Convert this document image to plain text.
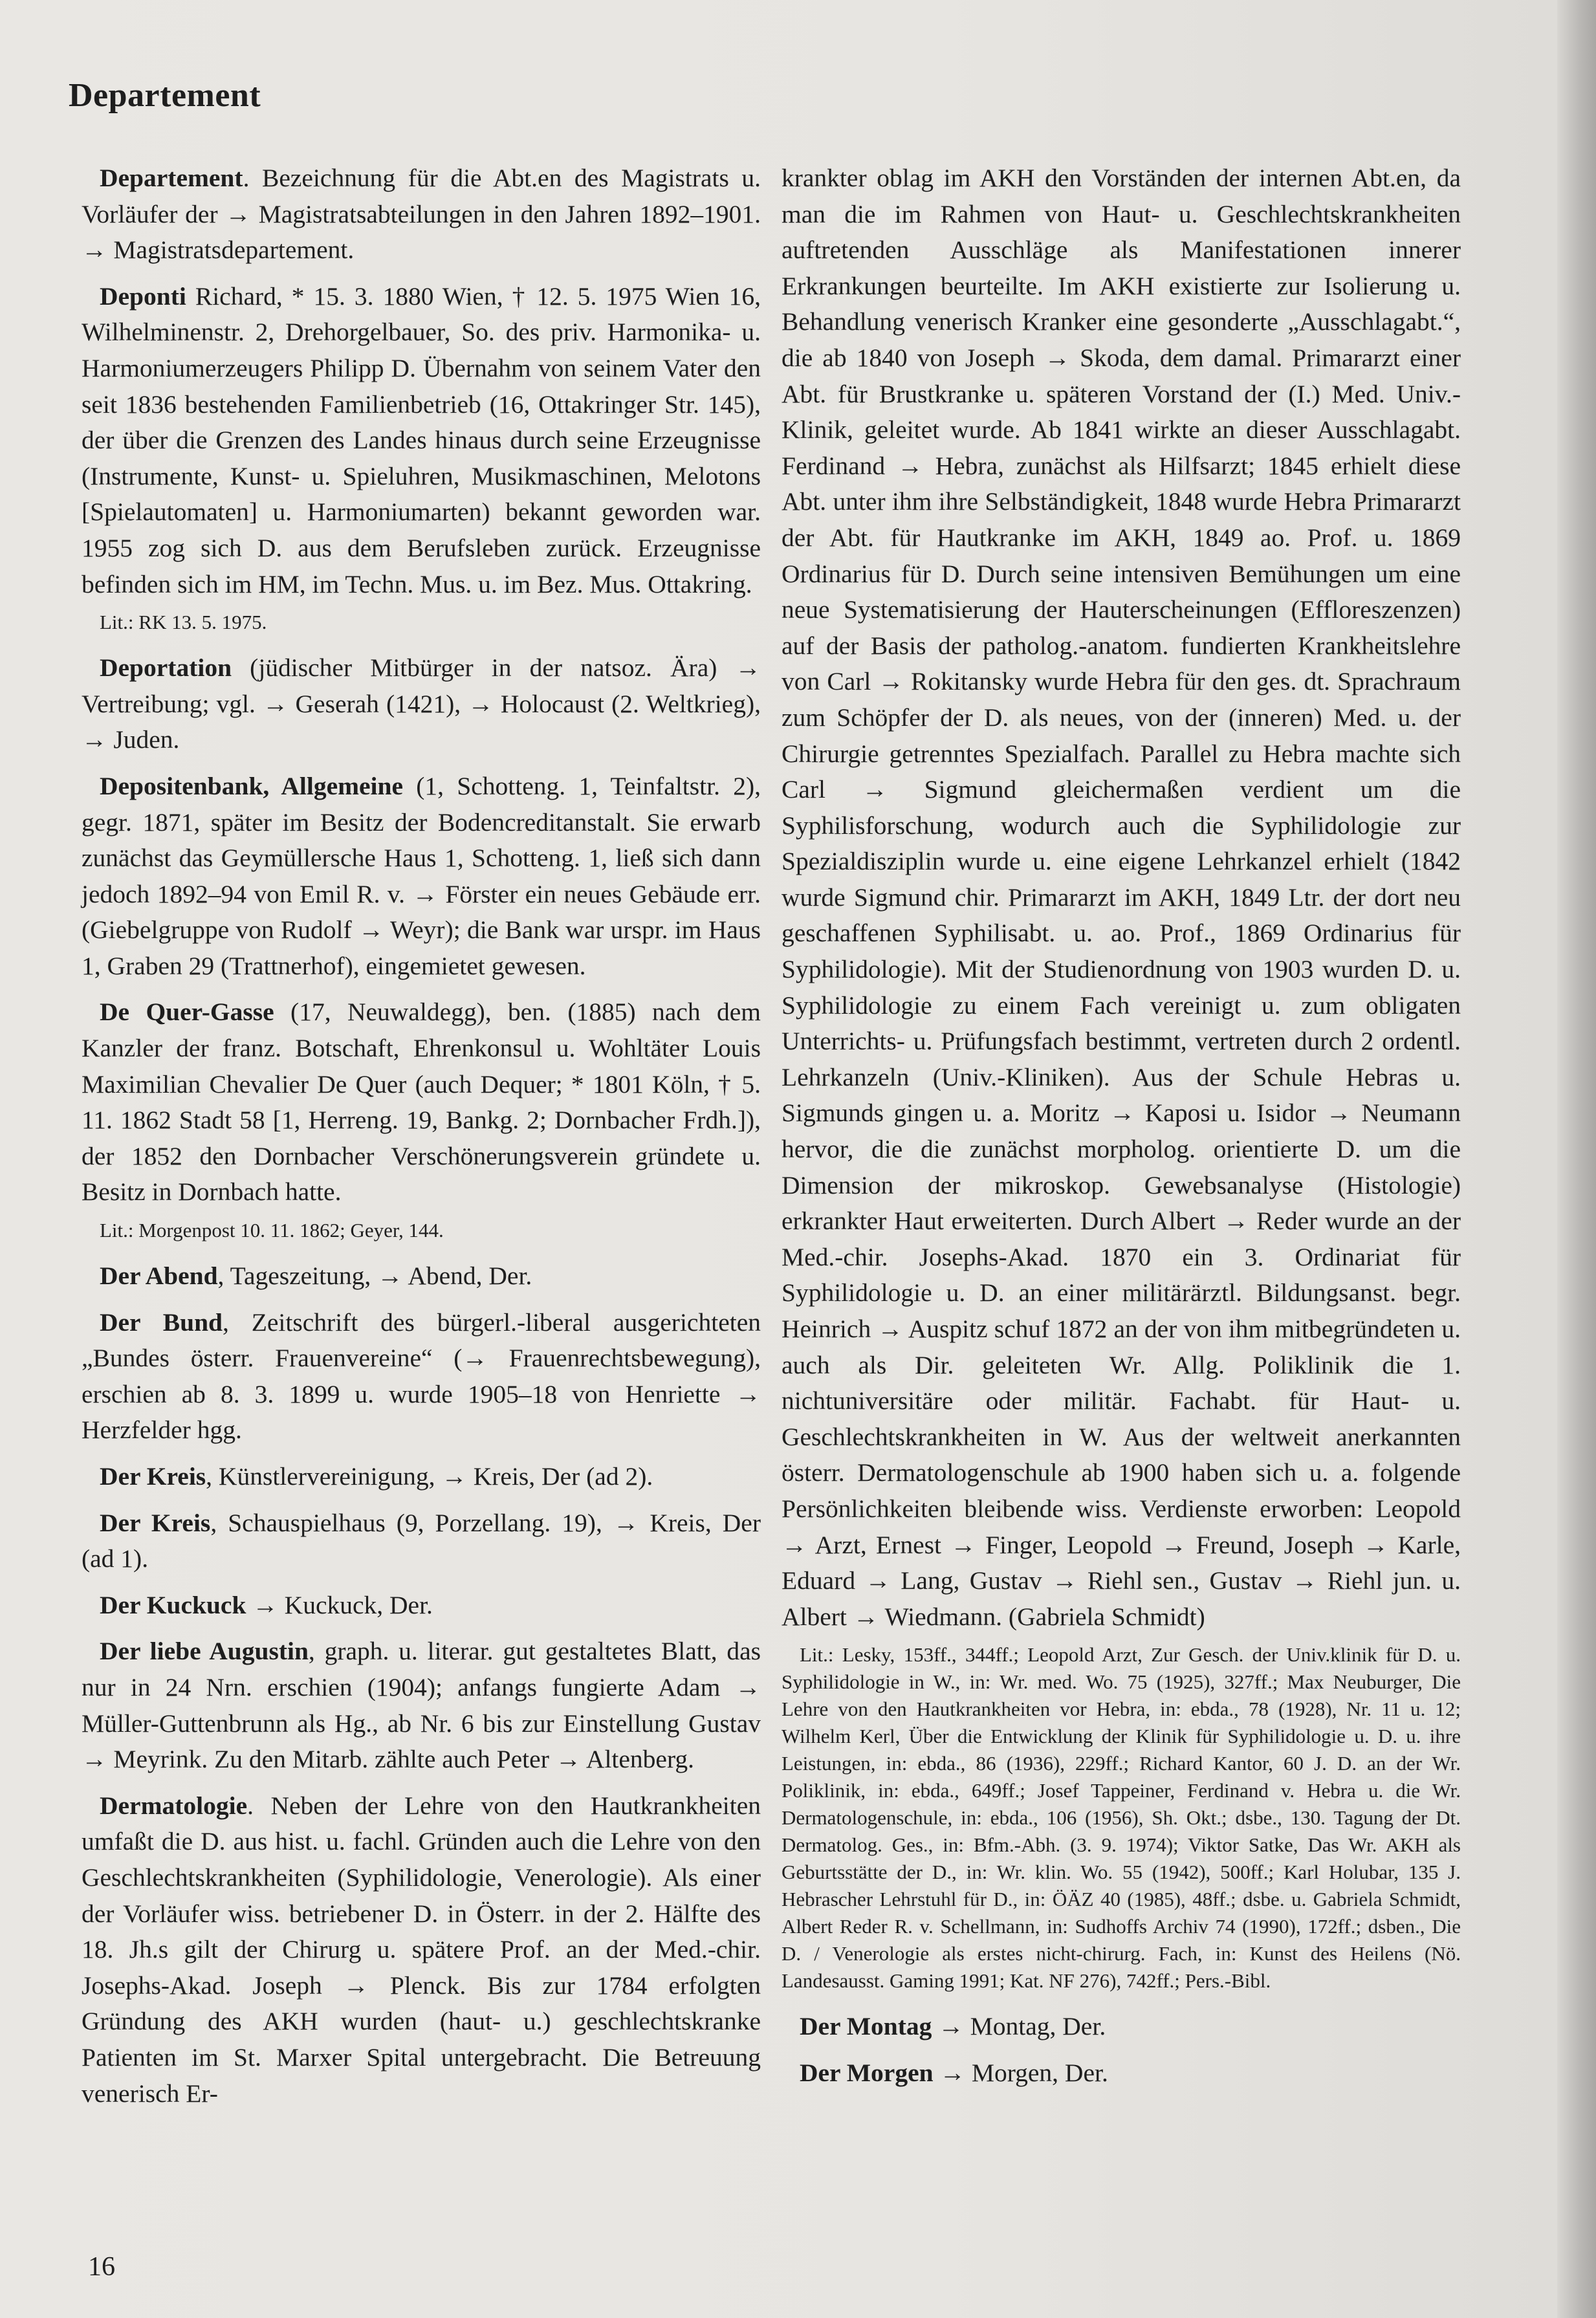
Departement

Departement. Bezeichnung für die Abt.en des Magistrats u. Vorläufer der → Magistratsabteilungen in den Jahren 1892–1901. → Magistratsdepartement.

Deponti Richard, * 15. 3. 1880 Wien, † 12. 5. 1975 Wien 16, Wilhelminenstr. 2, Drehorgelbauer, So. des priv. Harmonika- u. Harmoniumerzeugers Philipp D. Übernahm von seinem Vater den seit 1836 bestehenden Familienbetrieb (16, Ottakringer Str. 145), der über die Grenzen des Landes hinaus durch seine Erzeugnisse (Instrumente, Kunst- u. Spieluhren, Musikmaschinen, Melotons [Spielautomaten] u. Harmoniumarten) bekannt geworden war. 1955 zog sich D. aus dem Berufsleben zurück. Erzeugnisse befinden sich im HM, im Techn. Mus. u. im Bez. Mus. Ottakring.

Lit.: RK 13. 5. 1975.

Deportation (jüdischer Mitbürger in der natsoz. Ära) → Vertreibung; vgl. → Geserah (1421), → Holocaust (2. Weltkrieg), → Juden.

Depositenbank, Allgemeine (1, Schotteng. 1, Teinfaltstr. 2), gegr. 1871, später im Besitz der Bodencreditanstalt. Sie erwarb zunächst das Geymüllersche Haus 1, Schotteng. 1, ließ sich dann jedoch 1892–94 von Emil R. v. → Förster ein neues Gebäude err. (Giebelgruppe von Rudolf → Weyr); die Bank war urspr. im Haus 1, Graben 29 (Trattnerhof), eingemietet gewesen.

De Quer-Gasse (17, Neuwaldegg), ben. (1885) nach dem Kanzler der franz. Botschaft, Ehrenkonsul u. Wohltäter Louis Maximilian Chevalier De Quer (auch Dequer; * 1801 Köln, † 5. 11. 1862 Stadt 58 [1, Herreng. 19, Bankg. 2; Dornbacher Frdh.]), der 1852 den Dornbacher Verschönerungsverein gründete u. Besitz in Dornbach hatte.

Lit.: Morgenpost 10. 11. 1862; Geyer, 144.

Der Abend, Tageszeitung, → Abend, Der.

Der Bund, Zeitschrift des bürgerl.-liberal ausgerichteten „Bundes österr. Frauenvereine“ (→ Frauenrechtsbewegung), erschien ab 8. 3. 1899 u. wurde 1905–18 von Henriette → Herzfelder hgg.

Der Kreis, Künstlervereinigung, → Kreis, Der (ad 2).

Der Kreis, Schauspielhaus (9, Porzellang. 19), → Kreis, Der (ad 1).

Der Kuckuck → Kuckuck, Der.

Der liebe Augustin, graph. u. literar. gut gestaltetes Blatt, das nur in 24 Nrn. erschien (1904); anfangs fungierte Adam → Müller-Guttenbrunn als Hg., ab Nr. 6 bis zur Einstellung Gustav → Meyrink. Zu den Mitarb. zählte auch Peter → Altenberg.

Dermatologie. Neben der Lehre von den Hautkrankheiten umfaßt die D. aus hist. u. fachl. Gründen auch die Lehre von den Geschlechtskrankheiten (Syphilidologie, Venerologie). Als einer der Vorläufer wiss. betriebener D. in Österr. in der 2. Hälfte des 18. Jh.s gilt der Chirurg u. spätere Prof. an der Med.-chir. Josephs-Akad. Joseph → Plenck. Bis zur 1784 erfolgten Gründung des AKH wurden (haut- u.) geschlechtskranke Patienten im St. Marxer Spital untergebracht. Die Betreuung venerisch Er-

krankter oblag im AKH den Vorständen der internen Abt.en, da man die im Rahmen von Haut- u. Geschlechtskrankheiten auftretenden Ausschläge als Manifestationen innerer Erkrankungen beurteilte. Im AKH existierte zur Isolierung u. Behandlung venerisch Kranker eine gesonderte „Ausschlagabt.“, die ab 1840 von Joseph → Skoda, dem damal. Primararzt einer Abt. für Brustkranke u. späteren Vorstand der (I.) Med. Univ.-Klinik, geleitet wurde. Ab 1841 wirkte an dieser Ausschlagabt. Ferdinand → Hebra, zunächst als Hilfsarzt; 1845 erhielt diese Abt. unter ihm ihre Selbständigkeit, 1848 wurde Hebra Primararzt der Abt. für Hautkranke im AKH, 1849 ao. Prof. u. 1869 Ordinarius für D. Durch seine intensiven Bemühungen um eine neue Systematisierung der Hauterscheinungen (Effloreszenzen) auf der Basis der patholog.-anatom. fundierten Krankheitslehre von Carl → Rokitansky wurde Hebra für den ges. dt. Sprachraum zum Schöpfer der D. als neues, von der (inneren) Med. u. der Chirurgie getrenntes Spezialfach. Parallel zu Hebra machte sich Carl → Sigmund gleichermaßen verdient um die Syphilisforschung, wodurch auch die Syphilidologie zur Spezialdisziplin wurde u. eine eigene Lehrkanzel erhielt (1842 wurde Sigmund chir. Primararzt im AKH, 1849 Ltr. der dort neu geschaffenen Syphilisabt. u. ao. Prof., 1869 Ordinarius für Syphilidologie). Mit der Studienordnung von 1903 wurden D. u. Syphilidologie zu einem Fach vereinigt u. zum obligaten Unterrichts- u. Prüfungsfach bestimmt, vertreten durch 2 ordentl. Lehrkanzeln (Univ.-Kliniken). Aus der Schule Hebras u. Sigmunds gingen u. a. Moritz → Kaposi u. Isidor → Neumann hervor, die die zunächst morpholog. orientierte D. um die Dimension der mikroskop. Gewebsanalyse (Histologie) erkrankter Haut erweiterten. Durch Albert → Reder wurde an der Med.-chir. Josephs-Akad. 1870 ein 3. Ordinariat für Syphilidologie u. D. an einer militärärztl. Bildungsanst. begr. Heinrich → Auspitz schuf 1872 an der von ihm mitbegründeten u. auch als Dir. geleiteten Wr. Allg. Poliklinik die 1. nichtuniversitäre oder militär. Fachabt. für Haut- u. Geschlechtskrankheiten in W. Aus der weltweit anerkannten österr. Dermatologenschule ab 1900 haben sich u. a. folgende Persönlichkeiten bleibende wiss. Verdienste erworben: Leopold → Arzt, Ernest → Finger, Leopold → Freund, Joseph → Karle, Eduard → Lang, Gustav → Riehl sen., Gustav → Riehl jun. u. Albert → Wiedmann. (Gabriela Schmidt)

Lit.: Lesky, 153ff., 344ff.; Leopold Arzt, Zur Gesch. der Univ.klinik für D. u. Syphilidologie in W., in: Wr. med. Wo. 75 (1925), 327ff.; Max Neuburger, Die Lehre von den Hautkrankheiten vor Hebra, in: ebda., 78 (1928), Nr. 11 u. 12; Wilhelm Kerl, Über die Entwicklung der Klinik für Syphilidologie u. D. u. ihre Leistungen, in: ebda., 86 (1936), 229ff.; Richard Kantor, 60 J. D. an der Wr. Poliklinik, in: ebda., 649ff.; Josef Tappeiner, Ferdinand v. Hebra u. die Wr. Dermatologenschule, in: ebda., 106 (1956), Sh. Okt.; dsbe., 130. Tagung der Dt. Dermatolog. Ges., in: Bfm.-Abh. (3. 9. 1974); Viktor Satke, Das Wr. AKH als Geburtsstätte der D., in: Wr. klin. Wo. 55 (1942), 500ff.; Karl Holubar, 135 J. Hebrascher Lehrstuhl für D., in: ÖÄZ 40 (1985), 48ff.; dsbe. u. Gabriela Schmidt, Albert Reder R. v. Schellmann, in: Sudhoffs Archiv 74 (1990), 172ff.; dsben., Die D. / Venerologie als erstes nicht-chirurg. Fach, in: Kunst des Heilens (Nö. Landesausst. Gaming 1991; Kat. NF 276), 742ff.; Pers.-Bibl.

Der Montag → Montag, Der.

Der Morgen → Morgen, Der.

16
